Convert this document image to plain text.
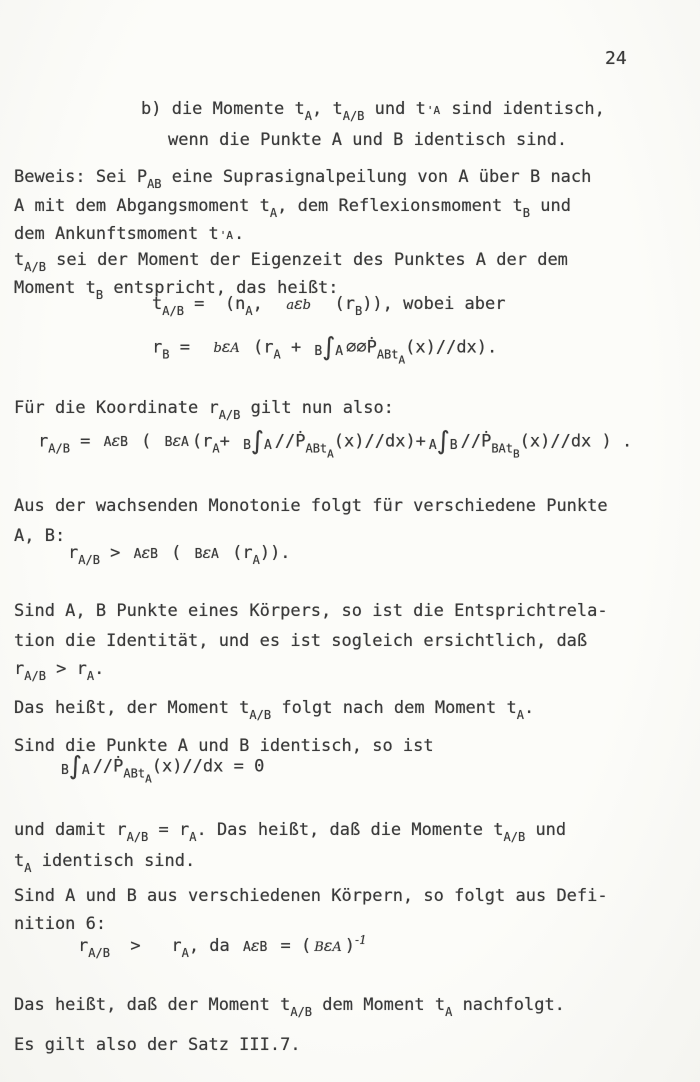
24
b) die Momente $t_A$, $t_{A/B}$ und t'A sind identisch,
wenn die Punkte A und B identisch sind.
Beweis: Sei $P_{AB}$ eine Suprasignalpeilung von A über B nach
A mit dem Abgangsmoment $t_A$, dem Reflexionsmoment $t_B$ und
dem Ankunftsmoment t'A.
$t_{A/B}$ sei der Moment der Eigenzeit des Punktes A der dem
Moment $t_B$ entspricht, das heißt:
$t_{A/B} = (n_A$,  aεb  $(r_B)$), wobei aber
$r_B = b\varepsilon A$ ($r_A + B\int A$ ∅∅Ṗ$_{ABtA}$(x)//dx).
Für die Koordinate $r_{A/B}$ gilt nun also:
$r_{A/B} = A\varepsilon B$ ( BεA ($r_A+ B\int A$ //Ṗ$_{ABtA}$(x)//dx)+ A∫B //Ṗ$_{BAtB}$(x)//dx ) .
Aus der wachsenden Monotonie folgt für verschiedene Punkte
A, B:
$r_{A/B} > A\varepsilon B$ ( BεA $(r_A)$).
Sind A, B Punkte eines Körpers, so ist die Entsprichtrela-
tion die Identität, und es ist sogleich ersichtlich, daß
$r_{A/B} > r_A$.
Das heißt, der Moment $t_{A/B}$ folgt nach dem Moment $t_A$.
Sind die Punkte A und B identisch, so ist
B∫A //Ṗ$_{ABtA}$(x)//dx = 0
und damit $r_{A/B} = r_A$. Das heißt, daß die Momente $t_{A/B}$ und
$t_A$ identisch sind.
Sind A und B aus verschiedenen Körpern, so folgt aus Defi-
nition 6:
$r_{A/B} > r_A$, da AεB = ( BεA )$^{-1}$
Das heißt, daß der Moment $t_{A/B}$ dem Moment $t_A$ nachfolgt.
Es gilt also der Satz III.7.
